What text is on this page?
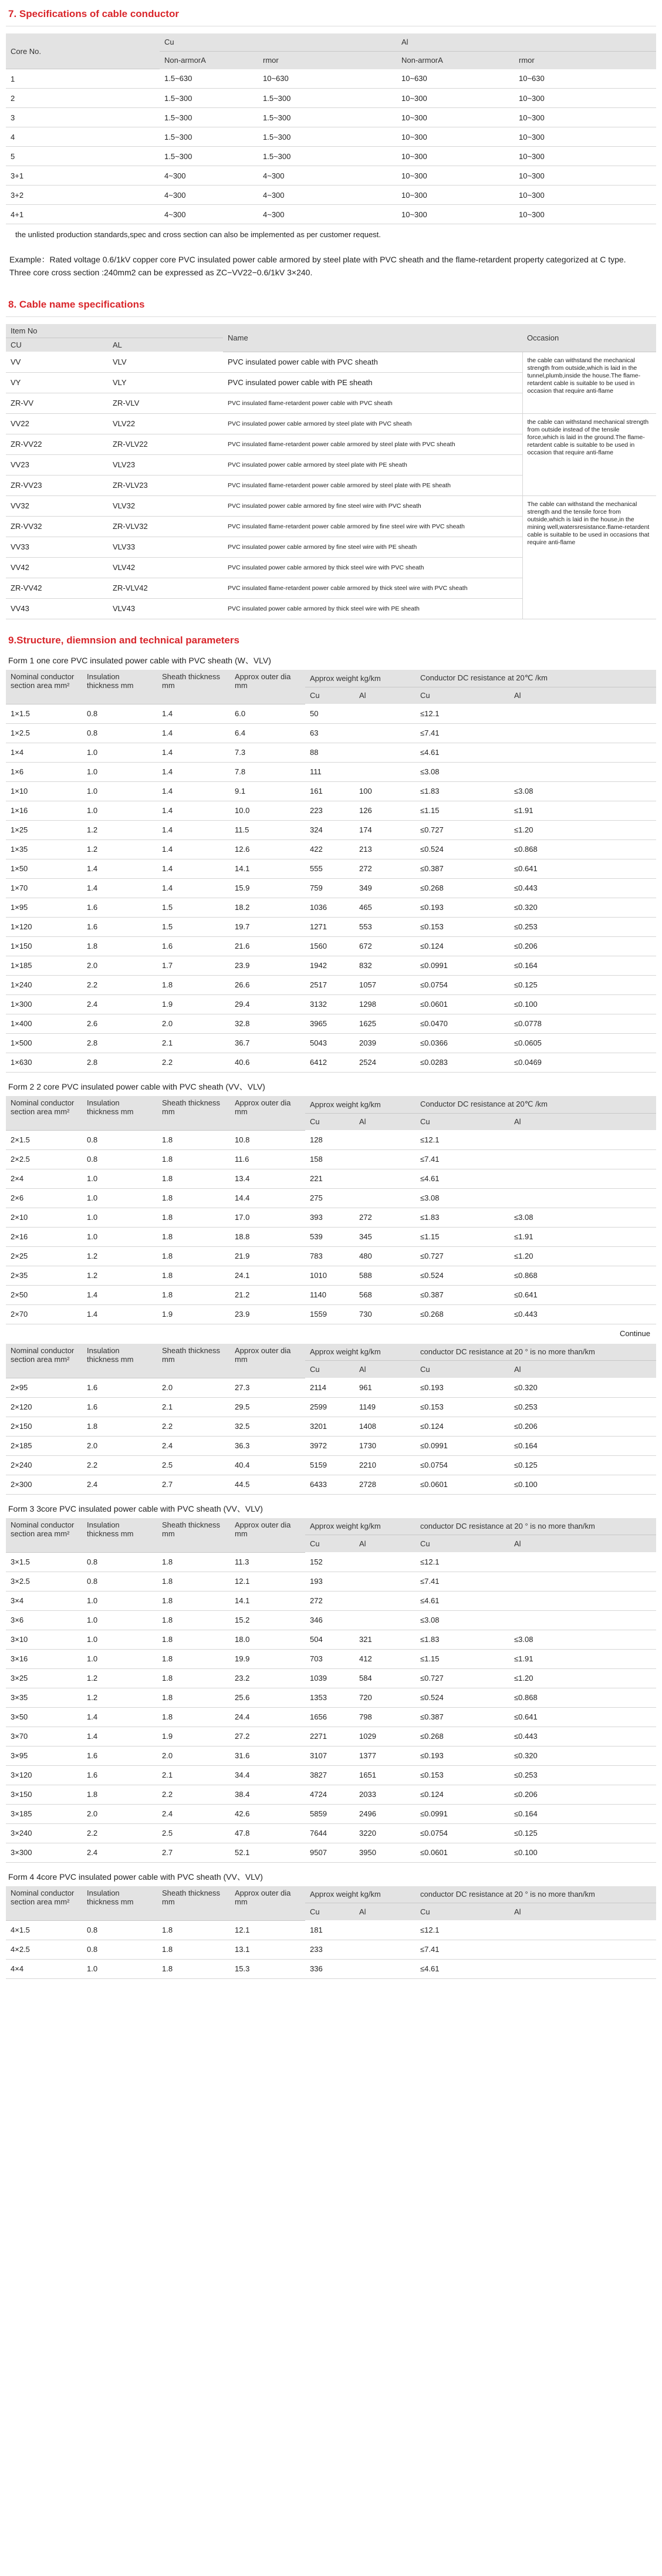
7. Specifications of cable conductor
Core No.	Cu		Al	
	Non-armorA	rmor	Non-armorA	rmor
1	1.5~630	10~630	10~630	10~630
2	1.5~300	1.5~300	10~300	10~300
3	1.5~300	1.5~300	10~300	10~300
4	1.5~300	1.5~300	10~300	10~300
5	1.5~300	1.5~300	10~300	10~300
3+1	4~300	4~300	10~300	10~300
3+2	4~300	4~300	10~300	10~300
4+1	4~300	4~300	10~300	10~300
the unlisted production standards,spec and cross section can also be implemented as per customer request.
Example：Rated voltage 0.6/1kV copper core PVC insulated power cable armored by steel plate with PVC sheath and the flame-retardent property categorized at C type.
Three core cross section :240mm2 can be expressed as ZC−VV22−0.6/1kV 3×240.
8. Cable name specifications
Item No		Name	Occasion
CU	AL		
VV	VLV	PVC insulated power cable with PVC sheath	the cable can withstand the mechanical strength from outside,which is laid in the tunnel,plumb,inside the house.The flame-retardent cable is suitable to be used in occasion that require anti-flame
VY	VLY	PVC insulated power cable with PE sheath	
ZR-VV	ZR-VLV	PVC insulated flame-retardent power cable with PVC sheath	
VV22	VLV22	PVC insulated power cable armored by steel plate with PVC sheath	the cable can withstand mechanical strength from outside instead of the tensile force,which is laid in the ground.The flame-retardent cable is suitable to be used in occasion that require anti-flame
ZR-VV22	ZR-VLV22	PVC insulated flame-retardent power cable armored by steel plate with PVC sheath	
VV23	VLV23	PVC insulated power cable armored by steel plate with PE sheath	
ZR-VV23	ZR-VLV23	PVC insulated flame-retardent power cable armored by steel plate with PE sheath	
VV32	VLV32	PVC insulated power cable armored by fine steel wire with PVC sheath	The cable can withstand the mechanical strength and the tensile force from outside,which is laid in the house,in the mining well,watersresistance.flame-retardent cable is suitable to be used in occasions that require anti-flame
ZR-VV32	ZR-VLV32	PVC insulated flame-retardent power cable armored by fine steel wire with PVC sheath	
VV33	VLV33	PVC insulated power cable armored by fine steel wire with PE sheath	
VV42	VLV42	PVC insulated power cable armored by thick steel wire with PVC sheath	
ZR-VV42	ZR-VLV42	PVC insulated flame-retardent power cable armored by thick steel wire with PVC sheath	
VV43	VLV43	PVC insulated power cable armored by thick steel wire with PE sheath	
9.Structure, diemnsion and technical parameters
Form 1 one core PVC insulated power cable with PVC sheath (W、VLV)
Nominal conductor section area mm²	Insulation thickness mm	Sheath thickness mm	Approx outer dia mm	Approx weight kg/km		Conductor DC resistance at 20℃ /km	
				Cu	Al	Cu	Al
1×1.5	0.8	1.4	6.0	50		≤12.1	
1×2.5	0.8	1.4	6.4	63		≤7.41	
1×4	1.0	1.4	7.3	88		≤4.61	
1×6	1.0	1.4	7.8	111		≤3.08	
1×10	1.0	1.4	9.1	161	100	≤1.83	≤3.08
1×16	1.0	1.4	10.0	223	126	≤1.15	≤1.91
1×25	1.2	1.4	11.5	324	174	≤0.727	≤1.20
1×35	1.2	1.4	12.6	422	213	≤0.524	≤0.868
1×50	1.4	1.4	14.1	555	272	≤0.387	≤0.641
1×70	1.4	1.4	15.9	759	349	≤0.268	≤0.443
1×95	1.6	1.5	18.2	1036	465	≤0.193	≤0.320
1×120	1.6	1.5	19.7	1271	553	≤0.153	≤0.253
1×150	1.8	1.6	21.6	1560	672	≤0.124	≤0.206
1×185	2.0	1.7	23.9	1942	832	≤0.0991	≤0.164
1×240	2.2	1.8	26.6	2517	1057	≤0.0754	≤0.125
1×300	2.4	1.9	29.4	3132	1298	≤0.0601	≤0.100
1×400	2.6	2.0	32.8	3965	1625	≤0.0470	≤0.0778
1×500	2.8	2.1	36.7	5043	2039	≤0.0366	≤0.0605
1×630	2.8	2.2	40.6	6412	2524	≤0.0283	≤0.0469
Form 2 2 core PVC insulated power cable with PVC sheath (VV、VLV)
Nominal conductor section area mm²	Insulation thickness mm	Sheath thickness mm	Approx outer dia mm	Approx weight kg/km		Conductor DC resistance at 20℃ /km	
				Cu	Al	Cu	Al
2×1.5	0.8	1.8	10.8	128		≤12.1	
2×2.5	0.8	1.8	11.6	158		≤7.41	
2×4	1.0	1.8	13.4	221		≤4.61	
2×6	1.0	1.8	14.4	275		≤3.08	
2×10	1.0	1.8	17.0	393	272	≤1.83	≤3.08
2×16	1.0	1.8	18.8	539	345	≤1.15	≤1.91
2×25	1.2	1.8	21.9	783	480	≤0.727	≤1.20
2×35	1.2	1.8	24.1	1010	588	≤0.524	≤0.868
2×50	1.4	1.8	21.2	1140	568	≤0.387	≤0.641
2×70	1.4	1.9	23.9	1559	730	≤0.268	≤0.443
Continue
Nominal conductor section area mm²	Insulation thickness mm	Sheath thickness mm	Approx outer dia mm	Approx weight kg/km		conductor DC resistance at 20 ° is no more than/km	
				Cu	Al	Cu	Al
2×95	1.6	2.0	27.3	2114	961	≤0.193	≤0.320
2×120	1.6	2.1	29.5	2599	1149	≤0.153	≤0.253
2×150	1.8	2.2	32.5	3201	1408	≤0.124	≤0.206
2×185	2.0	2.4	36.3	3972	1730	≤0.0991	≤0.164
2×240	2.2	2.5	40.4	5159	2210	≤0.0754	≤0.125
2×300	2.4	2.7	44.5	6433	2728	≤0.0601	≤0.100
Form 3 3core PVC insulated power cable with PVC sheath (VV、VLV)
Nominal conductor section area mm²	Insulation thickness mm	Sheath thickness mm	Approx outer dia mm	Approx weight kg/km		conductor DC resistance at 20 ° is no more than/km	
				Cu	Al	Cu	Al
3×1.5	0.8	1.8	11.3	152		≤12.1	
3×2.5	0.8	1.8	12.1	193		≤7.41	
3×4	1.0	1.8	14.1	272		≤4.61	
3×6	1.0	1.8	15.2	346		≤3.08	
3×10	1.0	1.8	18.0	504	321	≤1.83	≤3.08
3×16	1.0	1.8	19.9	703	412	≤1.15	≤1.91
3×25	1.2	1.8	23.2	1039	584	≤0.727	≤1.20
3×35	1.2	1.8	25.6	1353	720	≤0.524	≤0.868
3×50	1.4	1.8	24.4	1656	798	≤0.387	≤0.641
3×70	1.4	1.9	27.2	2271	1029	≤0.268	≤0.443
3×95	1.6	2.0	31.6	3107	1377	≤0.193	≤0.320
3×120	1.6	2.1	34.4	3827	1651	≤0.153	≤0.253
3×150	1.8	2.2	38.4	4724	2033	≤0.124	≤0.206
3×185	2.0	2.4	42.6	5859	2496	≤0.0991	≤0.164
3×240	2.2	2.5	47.8	7644	3220	≤0.0754	≤0.125
3×300	2.4	2.7	52.1	9507	3950	≤0.0601	≤0.100
Form 4 4core PVC insulated power cable with PVC sheath (VV、VLV)
Nominal conductor section area mm²	Insulation thickness mm	Sheath thickness mm	Approx outer dia mm	Approx weight kg/km		conductor DC resistance at 20 ° is no more than/km	
				Cu	Al	Cu	Al
4×1.5	0.8	1.8	12.1	181		≤12.1	
4×2.5	0.8	1.8	13.1	233		≤7.41	
4×4	1.0	1.8	15.3	336		≤4.61	
